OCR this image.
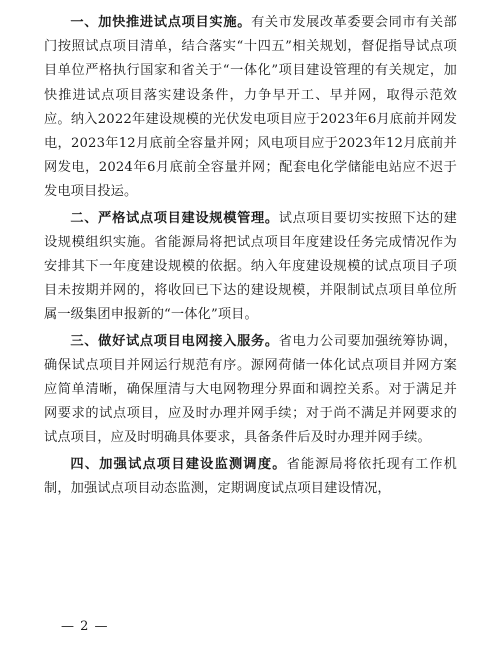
一、加快推进试点项目实施。有关市发展改革委要会同市有关部门按照试点项目清单，结合落实“十四五”相关规划，督促指导试点项目单位严格执行国家和省关于“一体化”项目建设管理的有关规定，加快推进试点项目落实建设条件，力争早开工、早并网，取得示范效应。纳入2022年建设规模的光伏发电项目应于2023年6月底前并网发电，2023年12月底前全容量并网；风电项目应于2023年12月底前并网发电，2024年6月底前全容量并网；配套电化学储能电站应不迟于发电项目投运。

二、严格试点项目建设规模管理。试点项目要切实按照下达的建设规模组织实施。省能源局将把试点项目年度建设任务完成情况作为安排其下一年度建设规模的依据。纳入年度建设规模的试点项目子项目未按期并网的，将收回已下达的建设规模，并限制试点项目单位所属一级集团申报新的“一体化”项目。

三、做好试点项目电网接入服务。省电力公司要加强统筹协调，确保试点项目并网运行规范有序。源网荷储一体化试点项目并网方案应简单清晰，确保厘清与大电网物理分界面和调控关系。对于满足并网要求的试点项目，应及时办理并网手续；对于尚不满足并网要求的试点项目，应及时明确具体要求，具备条件后及时办理并网手续。

四、加强试点项目建设监测调度。省能源局将依托现有工作机制，加强试点项目动态监测，定期调度试点项目建设情况，

— 2 —
